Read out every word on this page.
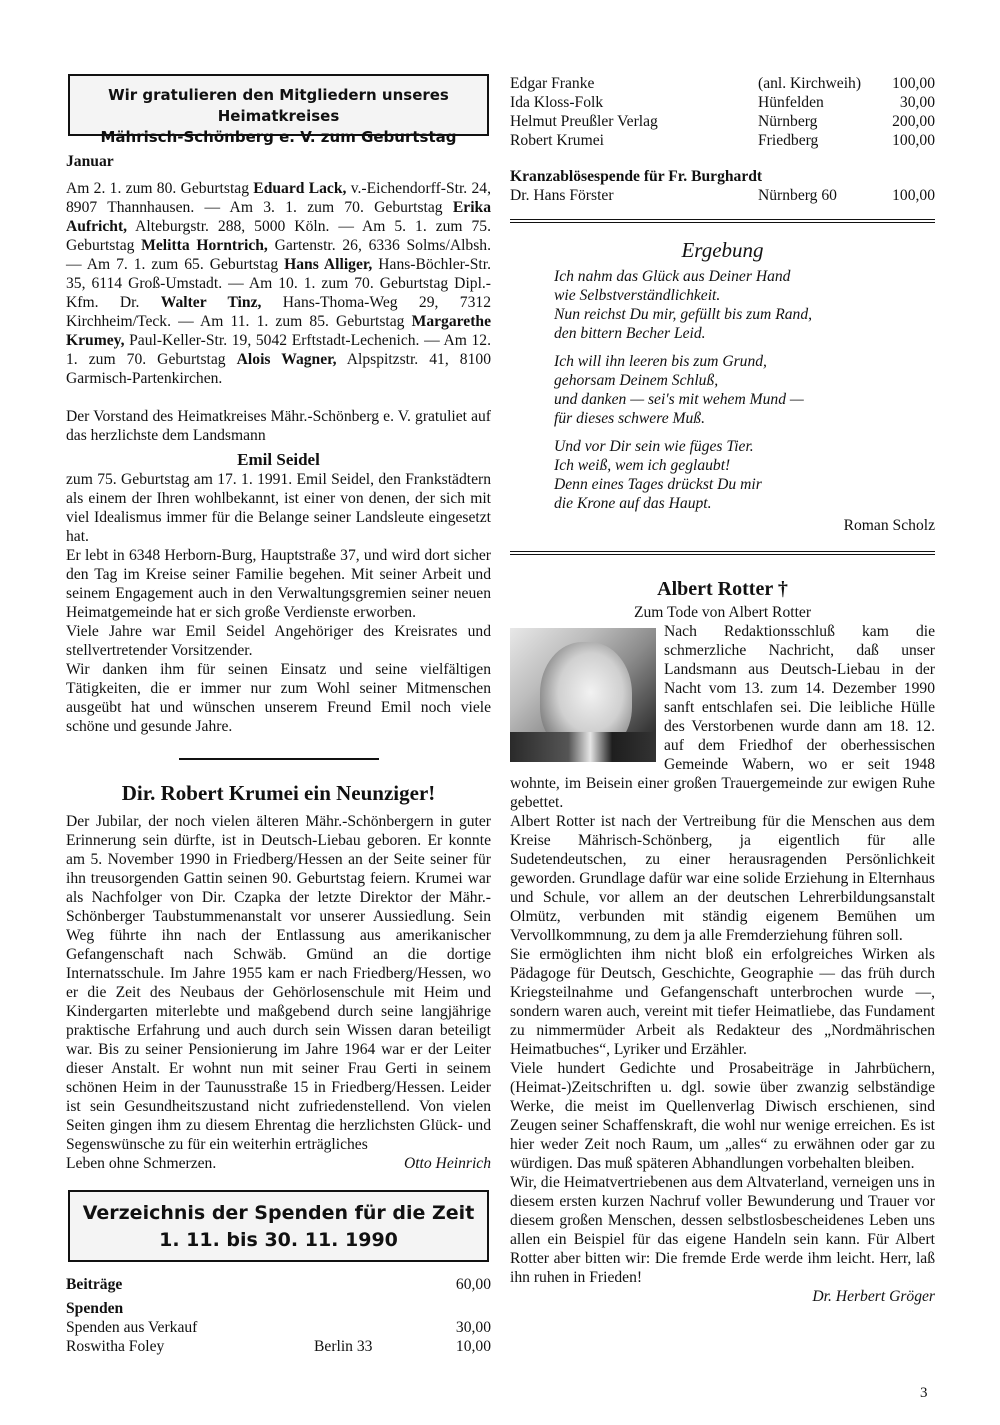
Wir gratulieren den Mitgliedern unseres Heimatkreises
Mährisch-Schönberg e. V. zum Geburtstag
Januar

Am 2. 1. zum 80. Geburtstag Eduard Lack, v.-Eichendorff-Str. 24, 8907 Thannhausen. — Am 3. 1. zum 70. Geburtstag Erika Aufricht, Alteburgstr. 288, 5000 Köln. — Am 5. 1. zum 75. Geburtstag Melitta Horntrich, Gartenstr. 26, 6336 Solms/Albsh. — Am 7. 1. zum 65. Geburtstag Hans Alliger, Hans-Böchler-Str. 35, 6114 Groß-Umstadt. — Am 10. 1. zum 70. Geburtstag Dipl.-Kfm. Dr. Walter Tinz, Hans-Thoma-Weg 29, 7312 Kirchheim/Teck. — Am 11. 1. zum 85. Geburtstag Margarethe Krumey, Paul-Keller-Str. 19, 5042 Erftstadt-Lechenich. — Am 12. 1. zum 70. Geburtstag Alois Wagner, Alpspitzstr. 41, 8100 Garmisch-Partenkirchen.

Der Vorstand des Heimatkreises Mähr.-Schönberg e. V. gratuliet auf das herzlichste dem Landsmann

Emil Seidel

zum 75. Geburtstag am 17. 1. 1991. Emil Seidel, den Frankstädtern als einem der Ihren wohlbekannt, ist einer von denen, der sich mit viel Idealismus immer für die Belange seiner Landsleute eingesetzt hat.

Er lebt in 6348 Herborn-Burg, Hauptstraße 37, und wird dort sicher den Tag im Kreise seiner Familie begehen. Mit seiner Arbeit und seinem Engagement auch in den Verwaltungsgremien seiner neuen Heimatgemeinde hat er sich große Verdienste erworben.

Viele Jahre war Emil Seidel Angehöriger des Kreisrates und stellvertretender Vorsitzender.

Wir danken ihm für seinen Einsatz und seine vielfältigen Tätigkeiten, die er immer nur zum Wohl seiner Mitmenschen ausgeübt hat und wünschen unserem Freund Emil noch viele schöne und gesunde Jahre.

Dir. Robert Krumei ein Neunziger!

Der Jubilar, der noch vielen älteren Mähr.-Schönbergern in guter Erinnerung sein dürfte, ist in Deutsch-Liebau geboren. Er konnte am 5. November 1990 in Friedberg/Hessen an der Seite seiner für ihn treusorgenden Gattin seinen 90. Geburtstag feiern. Krumei war als Nachfolger von Dir. Czapka der letzte Direktor der Mähr.-Schönberger Taubstummenanstalt vor unserer Aussiedlung. Sein Weg führte ihn nach der Entlassung aus amerikanischer Gefangenschaft nach Schwäb. Gmünd an die dortige Internatsschule. Im Jahre 1955 kam er nach Friedberg/Hessen, wo er die Zeit des Neubaus der Gehörlosenschule mit Heim und Kindergarten miterlebte und maßgebend durch seine langjährige praktische Erfahrung und auch durch sein Wissen daran beteiligt war. Bis zu seiner Pensionierung im Jahre 1964 war er der Leiter dieser Anstalt. Er wohnt nun mit seiner Frau Gerti in seinem schönen Heim in der Taunusstraße 15 in Friedberg/Hessen. Leider ist sein Gesundheitszustand nicht zufriedenstellend. Von vielen Seiten gingen ihm zu diesem Ehrentag die herzlichsten Glück- und Segenswünsche zu für ein weiterhin erträgliches

Leben ohne Schmerzen.	Otto Heinrich
Verzeichnis der Spenden für die Zeit
1. 11. bis 30. 11. 1990
Beiträge	60,00
Spenden
Spenden aus Verkauf	30,00
Roswitha Foley	Berlin 33	10,00
Edgar Franke	(anl. Kirchweih)	100,00
Ida Kloss-Folk	Hünfelden	30,00
Helmut Preußler Verlag	Nürnberg	200,00
Robert Krumei	Friedberg	100,00
Kranzablösespende für Fr. Burghardt
Dr. Hans Förster	Nürnberg 60	100,00
Ergebung
Ich nahm das Glück aus Deiner Hand
wie Selbstverständlichkeit.
Nun reichst Du mir, gefüllt bis zum Rand,
den bittern Becher Leid.
Ich will ihn leeren bis zum Grund,
gehorsam Deinem Schluß,
und danken — sei's mit wehem Mund —
für dieses schwere Muß.
Und vor Dir sein wie füges Tier.
Ich weiß, wem ich geglaubt!
Denn eines Tages drückst Du mir
die Krone auf das Haupt.
Roman Scholz
Albert Rotter †
Zum Tode von Albert Rotter

Nach Redaktionsschluß kam die schmerzliche Nachricht, daß unser Landsmann aus Deutsch-Liebau in der Nacht vom 13. zum 14. Dezember 1990 sanft entschlafen sei. Die leibliche Hülle des Verstorbenen wurde dann am 18. 12. auf dem Friedhof der oberhessischen Gemeinde Wabern, wo er seit 1948 wohnte, im Beisein einer großen Trauergemeinde zur ewigen Ruhe gebettet.

Albert Rotter ist nach der Vertreibung für die Menschen aus dem Kreise Mährisch-Schönberg, ja eigentlich für alle Sudetendeutschen, zu einer herausragenden Persönlichkeit geworden. Grundlage dafür war eine solide Erziehung in Elternhaus und Schule, vor allem an der deutschen Lehrerbildungsanstalt Olmütz, verbunden mit ständig eigenem Bemühen um Vervollkommnung, zu dem ja alle Fremderziehung führen soll.

Sie ermöglichten ihm nicht bloß ein erfolgreiches Wirken als Pädagoge für Deutsch, Geschichte, Geographie — das früh durch Kriegsteilnahme und Gefangenschaft unterbrochen wurde —, sondern waren auch, vereint mit tiefer Heimatliebe, das Fundament zu nimmermüder Arbeit als Redakteur des „Nordmährischen Heimatbuches“, Lyriker und Erzähler.

Viele hundert Gedichte und Prosabeiträge in Jahrbüchern, (Heimat-)Zeitschriften u. dgl. sowie über zwanzig selbständige Werke, die meist im Quellenverlag Diwisch erschienen, sind Zeugen seiner Schaffenskraft, die wohl nur wenige erreichen. Es ist hier weder Zeit noch Raum, um „alles“ zu erwähnen oder gar zu würdigen. Das muß späteren Abhandlungen vorbehalten bleiben.

Wir, die Heimatvertriebenen aus dem Altvaterland, verneigen uns in diesem ersten kurzen Nachruf voller Bewunderung und Trauer vor diesem großen Menschen, dessen selbstlosbescheidenes Leben uns allen ein Beispiel für das eigene Handeln sein kann. Für Albert Rotter aber bitten wir: Die fremde Erde werde ihm leicht. Herr, laß ihn ruhen in Frieden!

Dr. Herbert Gröger
3
